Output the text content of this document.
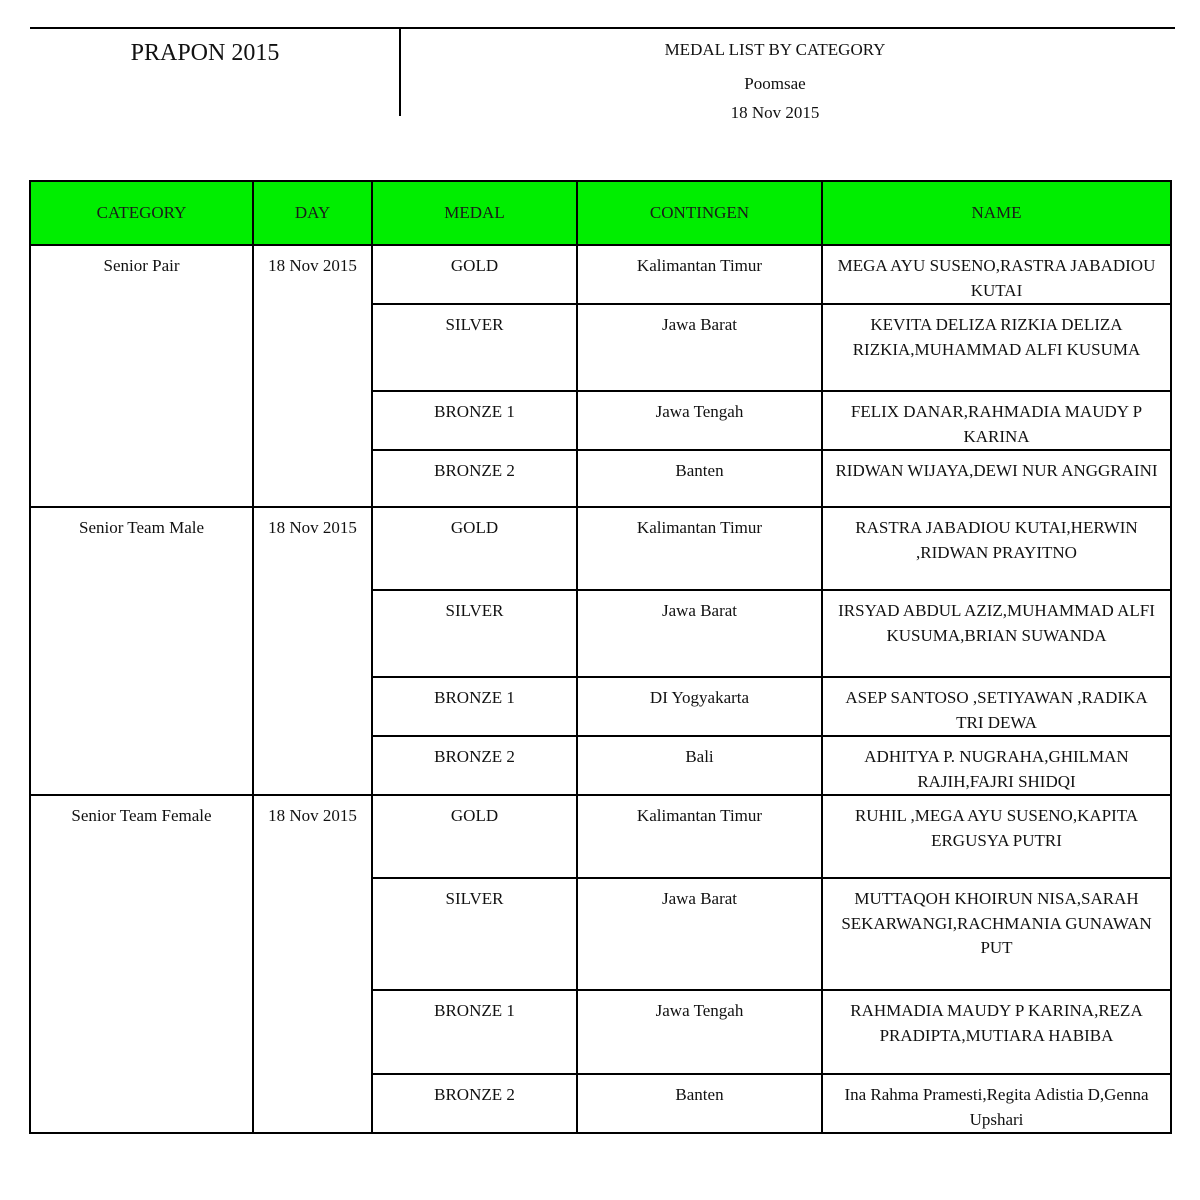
PRAPON 2015	MEDAL LIST BY CATEGORY
Poomsae
18 Nov 2015
CATEGORY	DAY	MEDAL	CONTINGEN	NAME
Senior Pair	18 Nov 2015	GOLD	Kalimantan Timur	MEGA AYU SUSENO,RASTRA JABADIOU KUTAI
		SILVER	Jawa Barat	KEVITA DELIZA RIZKIA DELIZA RIZKIA,MUHAMMAD ALFI KUSUMA
		BRONZE 1	Jawa Tengah	FELIX DANAR,RAHMADIA MAUDY P KARINA
		BRONZE 2	Banten	RIDWAN WIJAYA,DEWI NUR ANGGRAINI
Senior Team Male	18 Nov 2015	GOLD	Kalimantan Timur	RASTRA JABADIOU KUTAI,HERWIN ,RIDWAN PRAYITNO
		SILVER	Jawa Barat	IRSYAD ABDUL AZIZ,MUHAMMAD ALFI KUSUMA,BRIAN SUWANDA
		BRONZE 1	DI Yogyakarta	ASEP SANTOSO ,SETIYAWAN ,RADIKA TRI DEWA
		BRONZE 2	Bali	ADHITYA P. NUGRAHA,GHILMAN RAJIH,FAJRI SHIDQI
Senior Team Female	18 Nov 2015	GOLD	Kalimantan Timur	RUHIL ,MEGA AYU SUSENO,KAPITA ERGUSYA PUTRI
		SILVER	Jawa Barat	MUTTAQOH KHOIRUN NISA,SARAH SEKARWANGI,RACHMANIA GUNAWAN PUT
		BRONZE 1	Jawa Tengah	RAHMADIA MAUDY P KARINA,REZA PRADIPTA,MUTIARA HABIBA
		BRONZE 2	Banten	Ina Rahma Pramesti,Regita Adistia D,Genna Upshari
